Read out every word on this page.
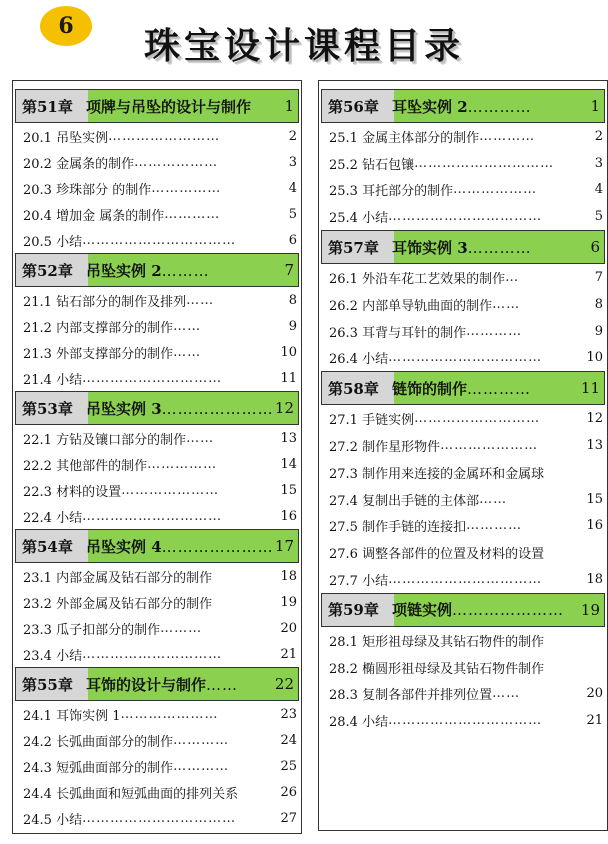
6	珠宝设计课程目录
第51章 项牌与吊坠的设计与制作	1
20.1 吊坠实例 ……………………	2
20.2 金属条的制作 ………………	3
20.3 珍珠部分 的制作 ……………	4
20.4 增加金 属条的制作 …………	5
20.5 小结 ……………………………	6
第52章 吊坠实例 2………	7
21.1 钻石部分的制作及排列 ……	8
21.2 内部支撑部分的制作 ……	9
21.3 外部支撑部分的制作 ……	10
21.4 小结 …………………………	11
第53章 吊坠实例 3………………… 12
22.1 方钻及镶口部分的制作 ……	13
22.2 其他部件的制作 ……………	14
22.3 材料的设置 …………………	15
22.4 小结 …………………………	16
第54章 吊坠实例 4………………… 17
23.1 内部金属及钻石部分的制作	18
23.2 外部金属及钻石部分的制作	19
23.3 瓜子扣部分的制作 ………	20
23.4 小结 …………………………	21
第55章 耳饰的设计与制作……	22
24.1 耳饰实例 1 …………………	23
24.2 长弧曲面部分的制作 …………	24
24.3 短弧曲面部分的制作 …………	25
24.4 长弧曲面和短弧曲面的排列关系	26
24.5 小结 ……………………………	27
第56章 耳坠实例 2…………	1
25.1 金属主体部分的制作 …………	2
25.2 钻石包镶 …………………………	3
25.3 耳托部分的制作 ………………	4
25.4 小结 ……………………………	5
第57章 耳饰实例 3…………	6
26.1 外沿车花工艺效果的制作 …	7
26.2 内部单导轨曲面的制作 ……	8
26.3 耳背与耳针的制作 …………	9
26.4 小结 ……………………………	10
第58章 链饰的制作…………	11
27.1 手链实例 ………………………	12
27.2 制作星形物件 …………………	13
27.3 制作用来连接的金属环和金属球
27.4 复制出手链的主体部 ……	15
27.5 制作手链的连接扣 …………	16
27.6 调整各部件的位置及材料的设置
27.7 小结 ……………………………	18
第59章 项链实例…………………	19
28.1 矩形祖母绿及其钻石物件的制作
28.2 椭圆形祖母绿及其钻石物件制作
28.3 复制各部件并排列位置 ……	20
28.4 小结 ……………………………	21
